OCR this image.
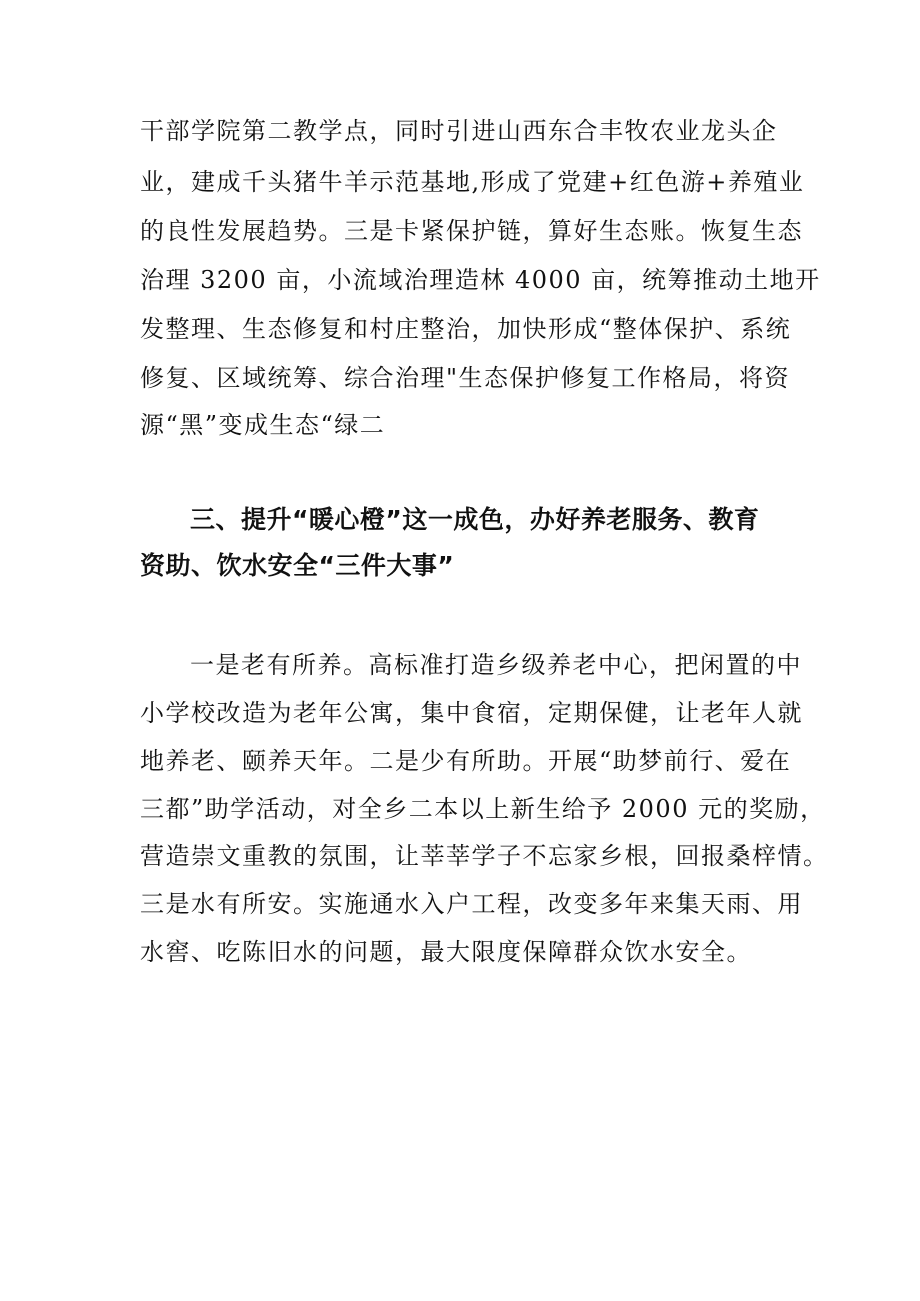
干部学院第二教学点，同时引进山西东合丰牧农业龙头企
业，建成千头猪牛羊示范基地,形成了党建+红色游+养殖业
的良性发展趋势。三是卡紧保护链，算好生态账。恢复生态
治理 3200 亩，小流域治理造林 4000 亩，统筹推动土地开
发整理、生态修复和村庄整治，加快形成“整体保护、系统
修复、区域统筹、综合治理"生态保护修复工作格局，将资
源“黑”变成生态“绿二
三、提升“暖心橙”这一成色，办好养老服务、教育
资助、饮水安全“三件大事”
一是老有所养。高标准打造乡级养老中心，把闲置的中
小学校改造为老年公寓，集中食宿，定期保健，让老年人就
地养老、颐养天年。二是少有所助。开展“助梦前行、爱在
三都”助学活动，对全乡二本以上新生给予 2000 元的奖励，
营造崇文重教的氛围，让莘莘学子不忘家乡根，回报桑梓情。
三是水有所安。实施通水入户工程，改变多年来集天雨、用
水窖、吃陈旧水的问题，最大限度保障群众饮水安全。
